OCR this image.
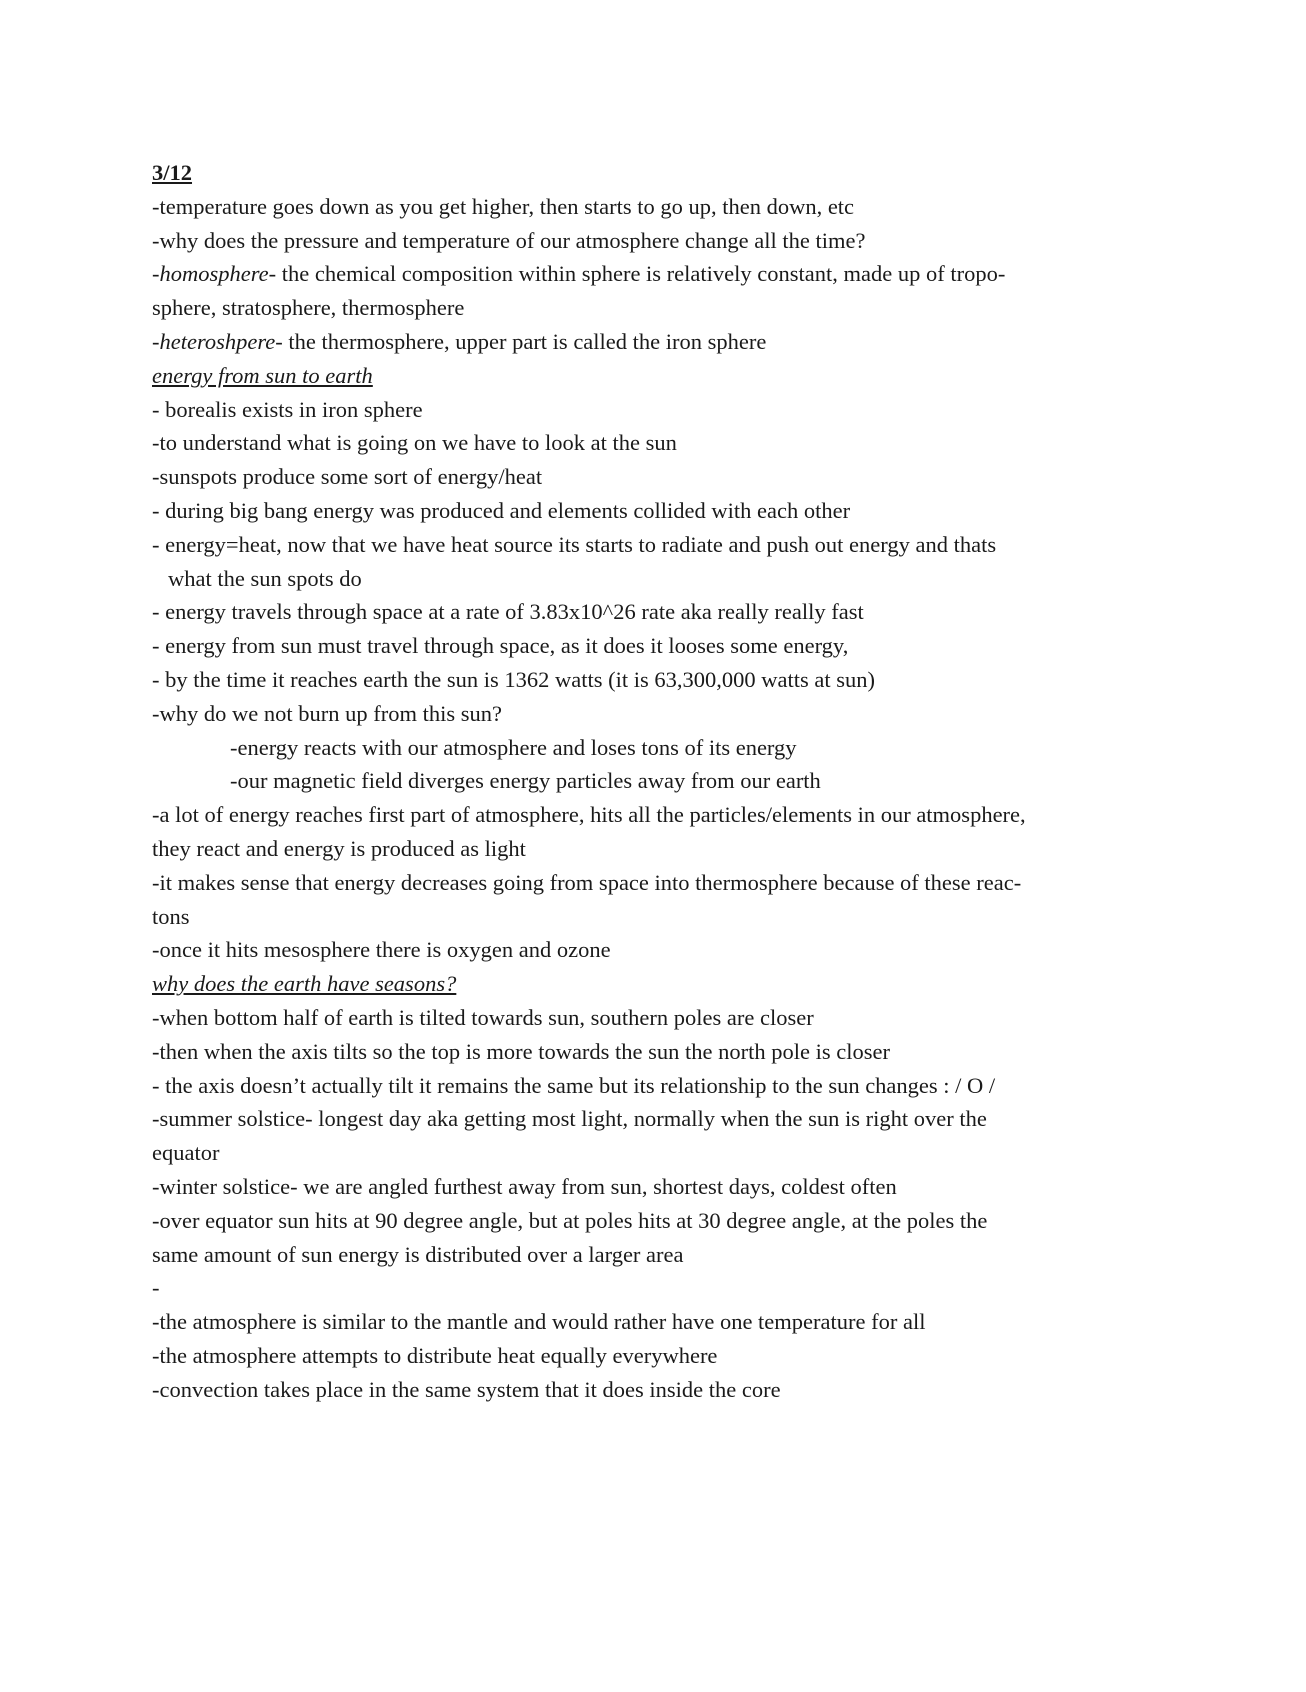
3/12
-temperature goes down as you get higher, then starts to go up, then down, etc
-why does the pressure and temperature of our atmosphere change all the time?
-homosphere- the chemical composition within sphere is relatively constant, made up of tropo-
sphere, stratosphere, thermosphere
-heteroshpere- the thermosphere, upper part is called the iron sphere
energy from sun to earth
- borealis exists in iron sphere
-to understand what is going on we have to look at the sun
-sunspots produce some sort of energy/heat
- during big bang energy was produced and elements collided with each other
- energy=heat, now that we have heat source its starts to radiate and push out energy and thats
what the sun spots do
- energy travels through space at a rate of 3.83x10^26 rate aka really really fast
- energy from sun must travel through space, as it does it looses some energy,
- by the time it reaches earth the sun is 1362 watts (it is 63,300,000 watts at sun)
-why do we not burn up from this sun?
-energy reacts with our atmosphere and loses tons of its energy
-our magnetic field diverges energy particles away from our earth
-a lot of energy reaches first part of atmosphere, hits all the particles/elements in our atmosphere,
they react and energy is produced as light
-it makes sense that energy decreases going from space into thermosphere because of these reac-
tons
-once it hits mesosphere there is oxygen and ozone
why does the earth have seasons?
-when bottom half of earth is tilted towards sun, southern poles are closer
-then when the axis tilts so the top is more towards the sun the north pole is closer
- the axis doesn’t actually tilt it remains the same but its relationship to the sun changes : / O /
-summer solstice- longest day aka getting most light, normally when the sun is right over the
equator
-winter solstice- we are angled furthest away from sun, shortest days, coldest often
-over equator sun hits at 90 degree angle, but at poles hits at 30 degree angle, at the poles the
same amount of sun energy is distributed over a larger area
-
-the atmosphere is similar to the mantle and would rather have one temperature for all
-the atmosphere attempts to distribute heat equally everywhere
-convection takes place in the same system that it does inside the core
